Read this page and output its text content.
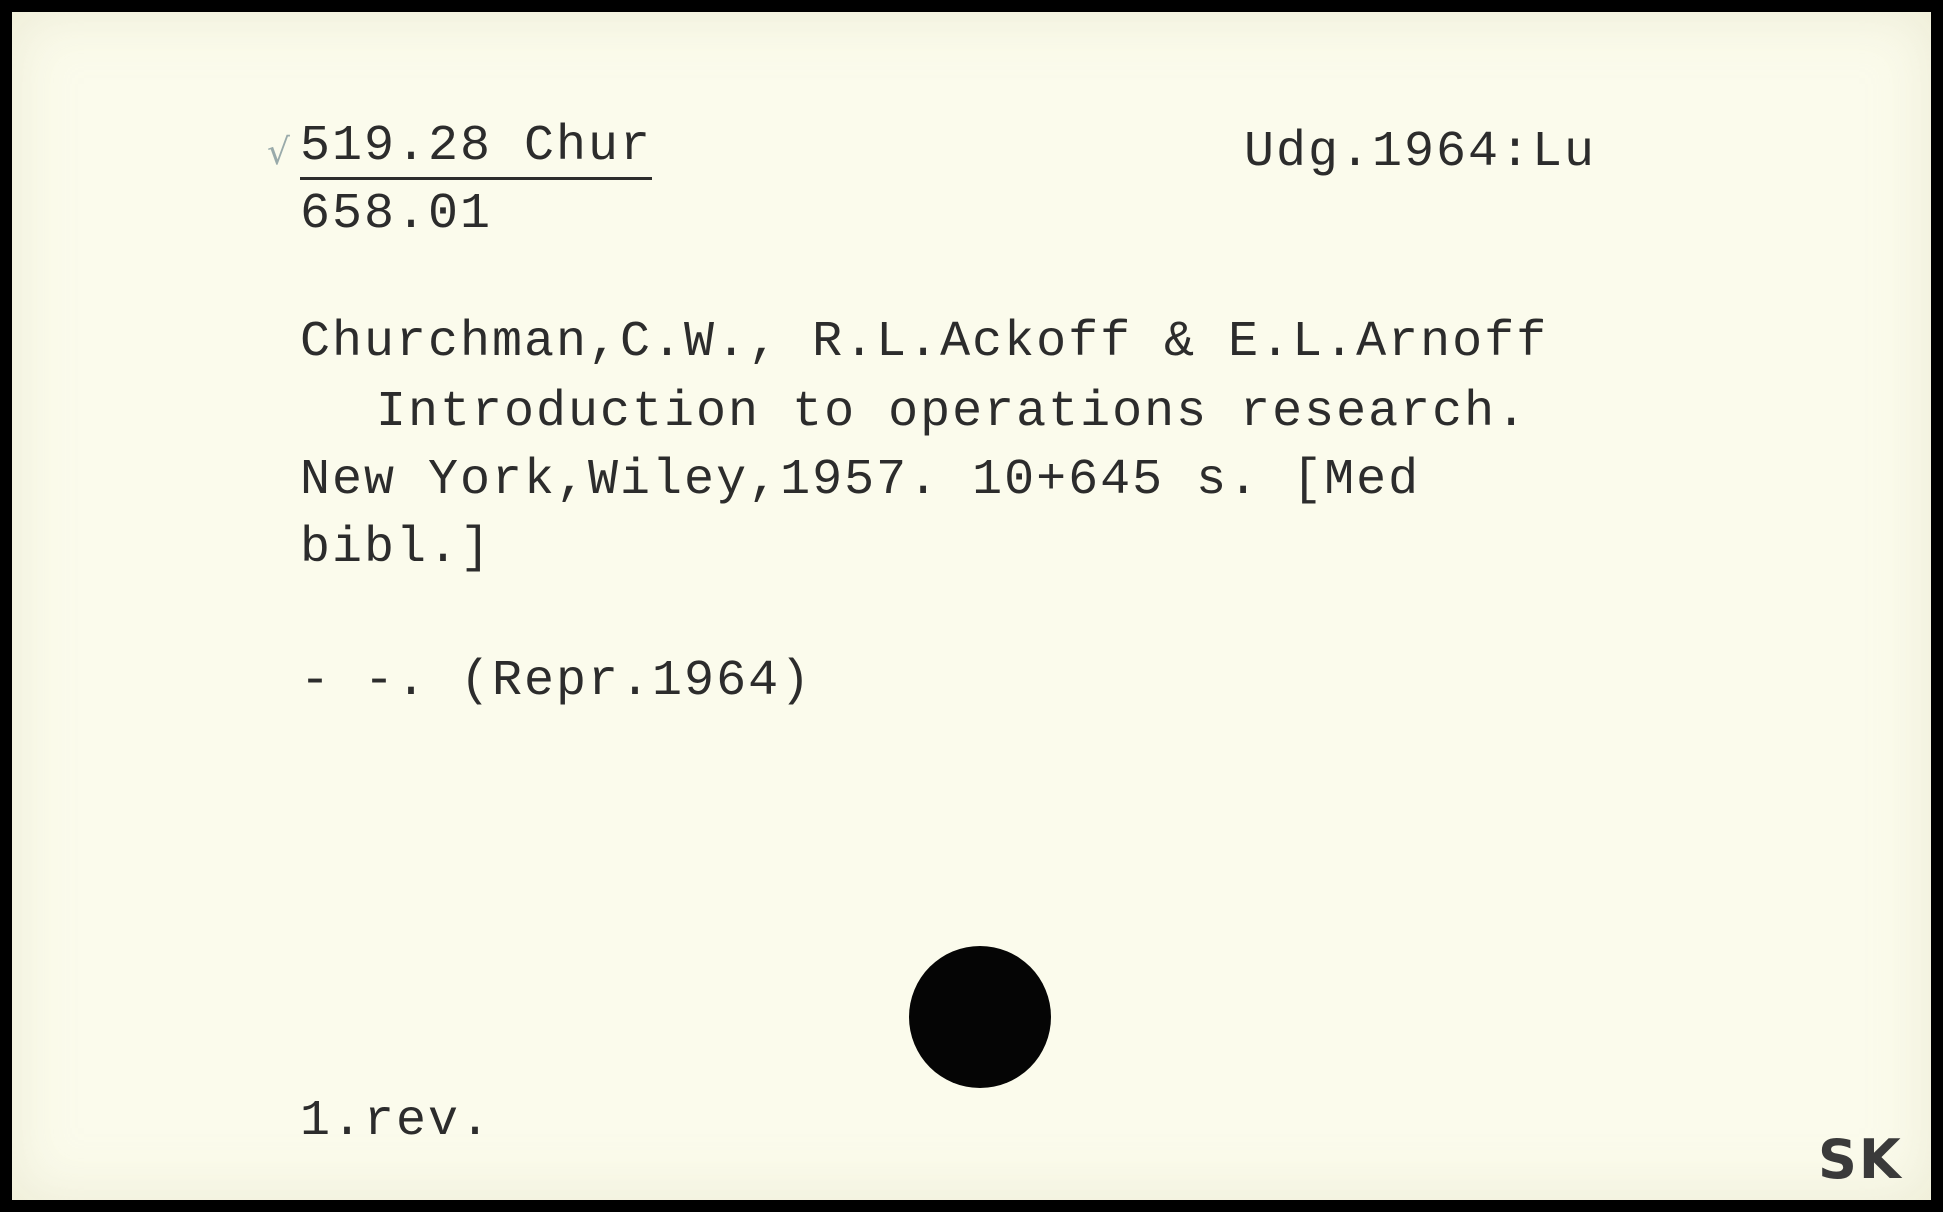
√ 519.28 Chur
658.01
Udg.1964:Lu
Churchman,C.W., R.L.Ackoff & E.L.Arnoff
Introduction to operations research.
New York,Wiley,1957. 10+645 s. [Med
bibl.]
- -. (Repr.1964)
1.rev.
SK
